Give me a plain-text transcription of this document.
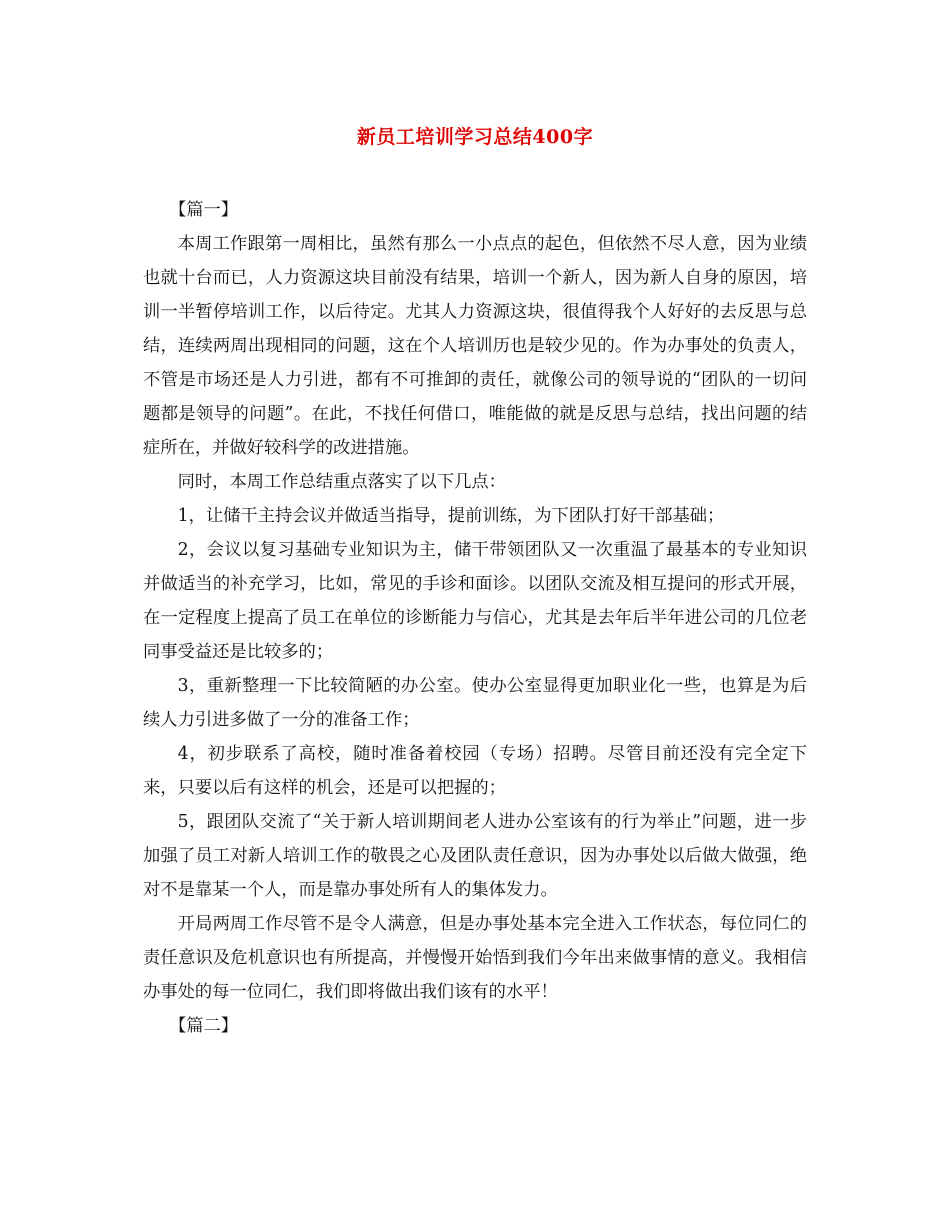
新员工培训学习总结400字

【篇一】

本周工作跟第一周相比，虽然有那么一小点点的起色，但依然不尽人意，因为业绩也就十台而已，人力资源这块目前没有结果，培训一个新人，因为新人自身的原因，培训一半暂停培训工作，以后待定。尤其人力资源这块，很值得我个人好好的去反思与总结，连续两周出现相同的问题，这在个人培训历也是较少见的。作为办事处的负责人，不管是市场还是人力引进，都有不可推卸的责任，就像公司的领导说的“团队的一切问题都是领导的问题”。在此，不找任何借口，唯能做的就是反思与总结，找出问题的结症所在，并做好较科学的改进措施。

同时，本周工作总结重点落实了以下几点：

1，让储干主持会议并做适当指导，提前训练，为下团队打好干部基础；

2，会议以复习基础专业知识为主，储干带领团队又一次重温了最基本的专业知识并做适当的补充学习，比如，常见的手诊和面诊。以团队交流及相互提问的形式开展，在一定程度上提高了员工在单位的诊断能力与信心，尤其是去年后半年进公司的几位老同事受益还是比较多的；

3，重新整理一下比较简陋的办公室。使办公室显得更加职业化一些，也算是为后续人力引进多做了一分的准备工作；

4，初步联系了高校，随时准备着校园（专场）招聘。尽管目前还没有完全定下来，只要以后有这样的机会，还是可以把握的；

5，跟团队交流了“关于新人培训期间老人进办公室该有的行为举止”问题，进一步加强了员工对新人培训工作的敬畏之心及团队责任意识，因为办事处以后做大做强，绝对不是靠某一个人，而是靠办事处所有人的集体发力。

开局两周工作尽管不是令人满意，但是办事处基本完全进入工作状态，每位同仁的责任意识及危机意识也有所提高，并慢慢开始悟到我们今年出来做事情的意义。我相信办事处的每一位同仁，我们即将做出我们该有的水平！

【篇二】
